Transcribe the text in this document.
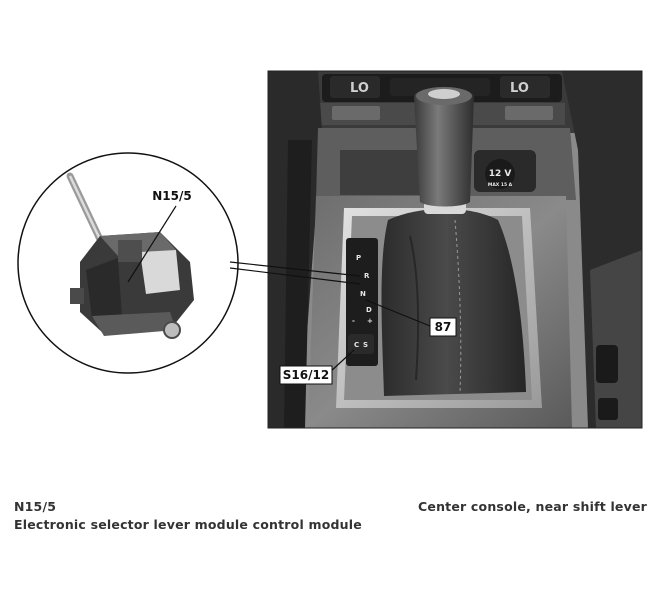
LO	LO
12 V
MAX 15 A
P
R
N
D
- +
C S
N15/5
87
S16/12
N15/5
Electronic selector lever module control module
Center console, near shift lever
